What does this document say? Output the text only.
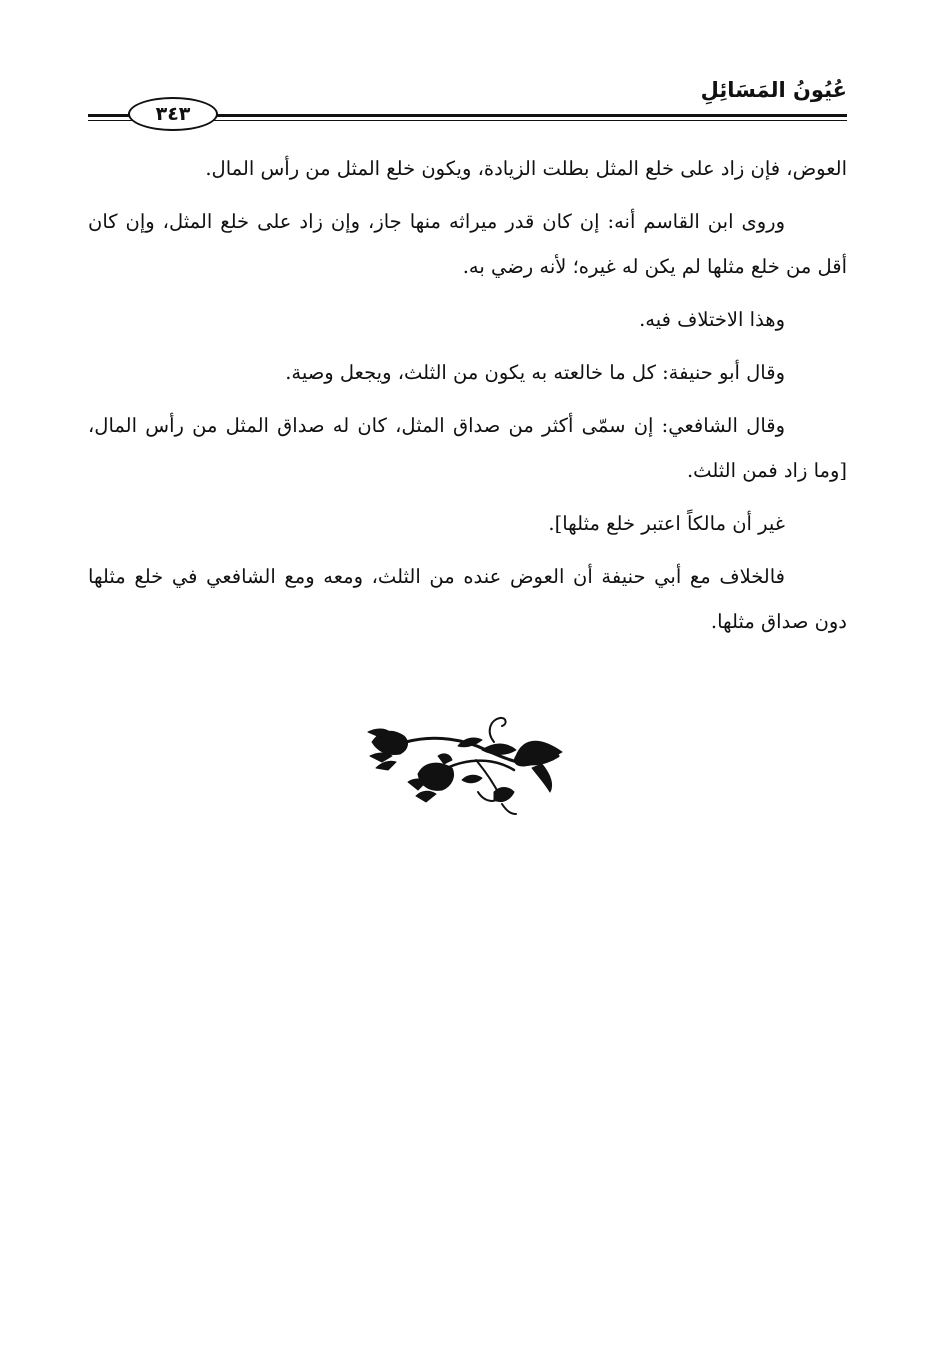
عُيُونُ المَسَائِلِ
٣٤٣

العوض، فإن زاد على خلع المثل بطلت الزيادة، ويكون خلع المثل من رأس المال.

وروى ابن القاسم أنه: إن كان قدر ميراثه منها جاز، وإن زاد على خلع المثل، وإن كان أقل من خلع مثلها لم يكن له غيره؛ لأنه رضي به.

وهذا الاختلاف فيه.

وقال أبو حنيفة: كل ما خالعته به يكون من الثلث، ويجعل وصية.

وقال الشافعي: إن سمّى أكثر من صداق المثل، كان له صداق المثل من رأس المال، [وما زاد فمن الثلث.

غير أن مالكاً اعتبر خلع مثلها].

فالخلاف مع أبي حنيفة أن العوض عنده من الثلث، ومعه ومع الشافعي في خلع مثلها دون صداق مثلها.
